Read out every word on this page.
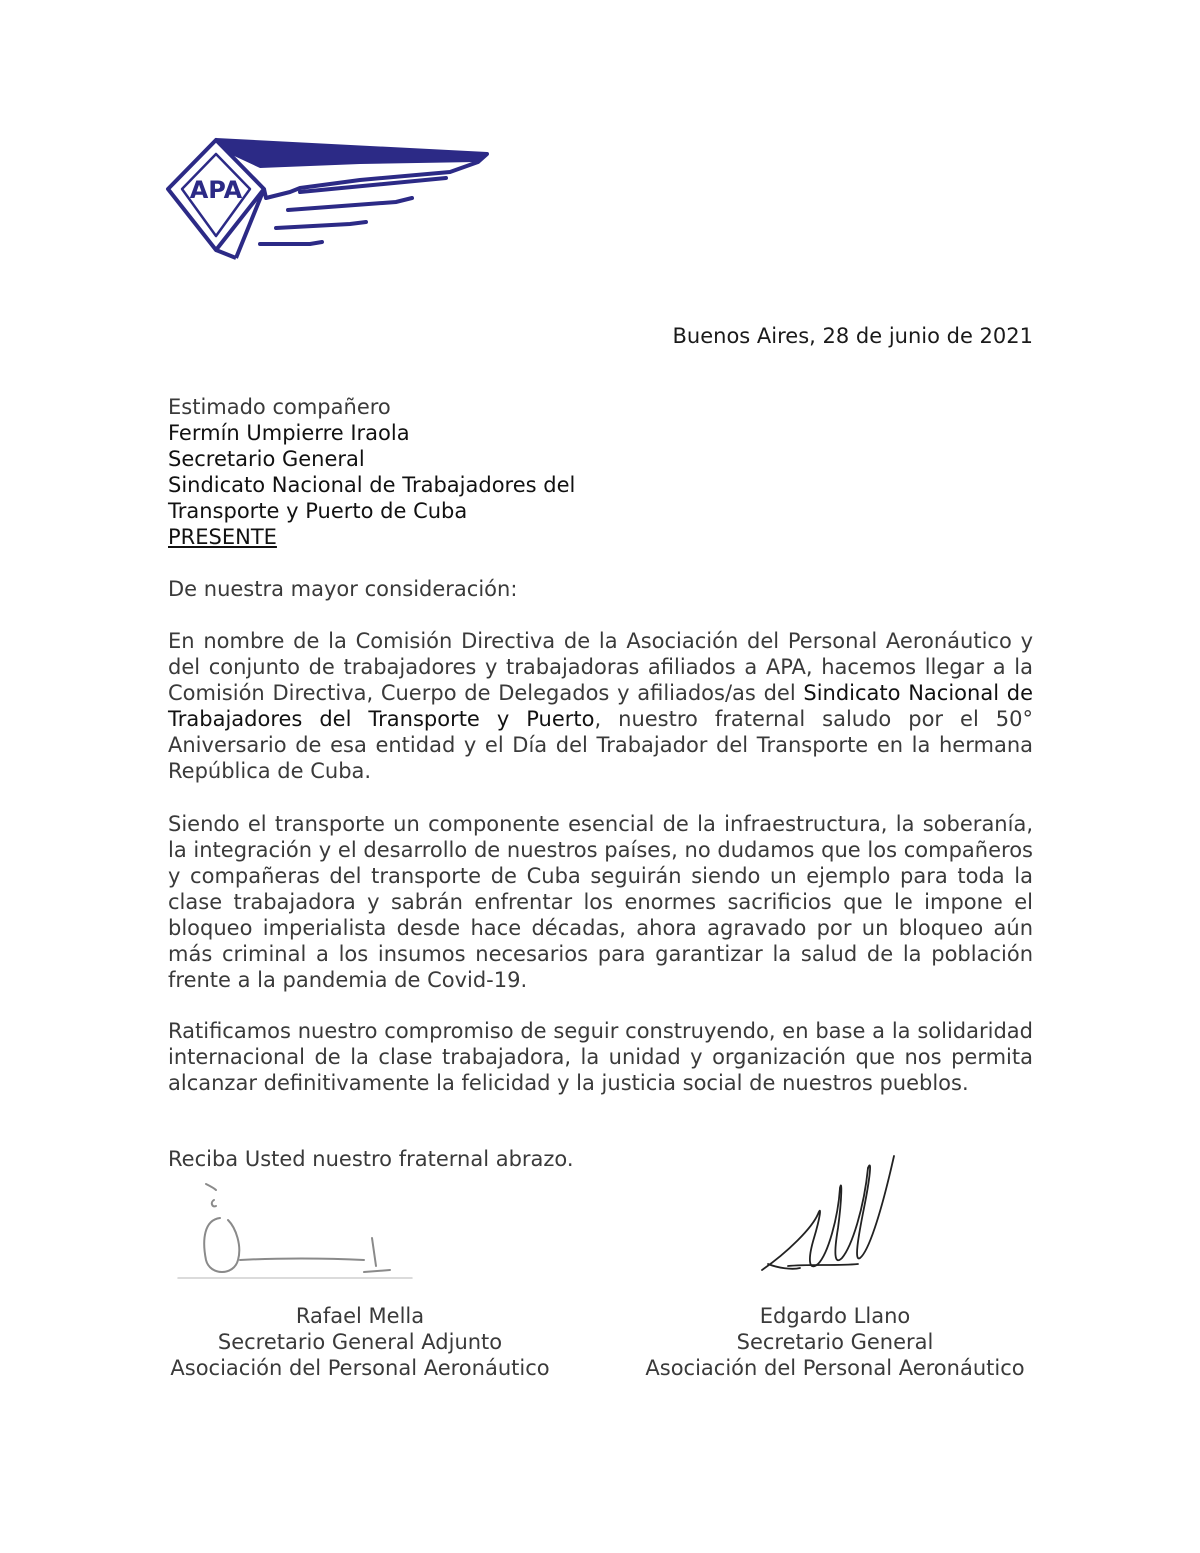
APA
Buenos Aires, 28 de junio de 2021
Estimado compañero
Fermín Umpierre Iraola
Secretario General
Sindicato Nacional de Trabajadores del
Transporte y Puerto de Cuba
PRESENTE
De nuestra mayor consideración:
En nombre de la Comisión Directiva de la Asociación del Personal Aeronáutico y del conjunto de trabajadores y trabajadoras afiliados a APA, hacemos llegar a la Comisión Directiva, Cuerpo de Delegados y afiliados/as del Sindicato Nacional de Trabajadores del Transporte y Puerto, nuestro fraternal saludo por el 50° Aniversario de esa entidad y el Día del Trabajador del Transporte en la hermana República de Cuba.
Siendo el transporte un componente esencial de la infraestructura, la soberanía, la integración y el desarrollo de nuestros países, no dudamos que los compañeros y compañeras del transporte de Cuba seguirán siendo un ejemplo para toda la clase trabajadora y sabrán enfrentar los enormes sacrificios que le impone el bloqueo imperialista desde hace décadas, ahora agravado por un bloqueo aún más criminal a los insumos necesarios para garantizar la salud de la población frente a la pandemia de Covid-19.
Ratificamos nuestro compromiso de seguir construyendo, en base a la solidaridad internacional de la clase trabajadora, la unidad y organización que nos permita alcanzar definitivamente la felicidad y la justicia social de nuestros pueblos.
Reciba Usted nuestro fraternal abrazo.
Rafael Mella
Secretario General Adjunto
Asociación del Personal Aeronáutico
Edgardo Llano
Secretario General
Asociación del Personal Aeronáutico
